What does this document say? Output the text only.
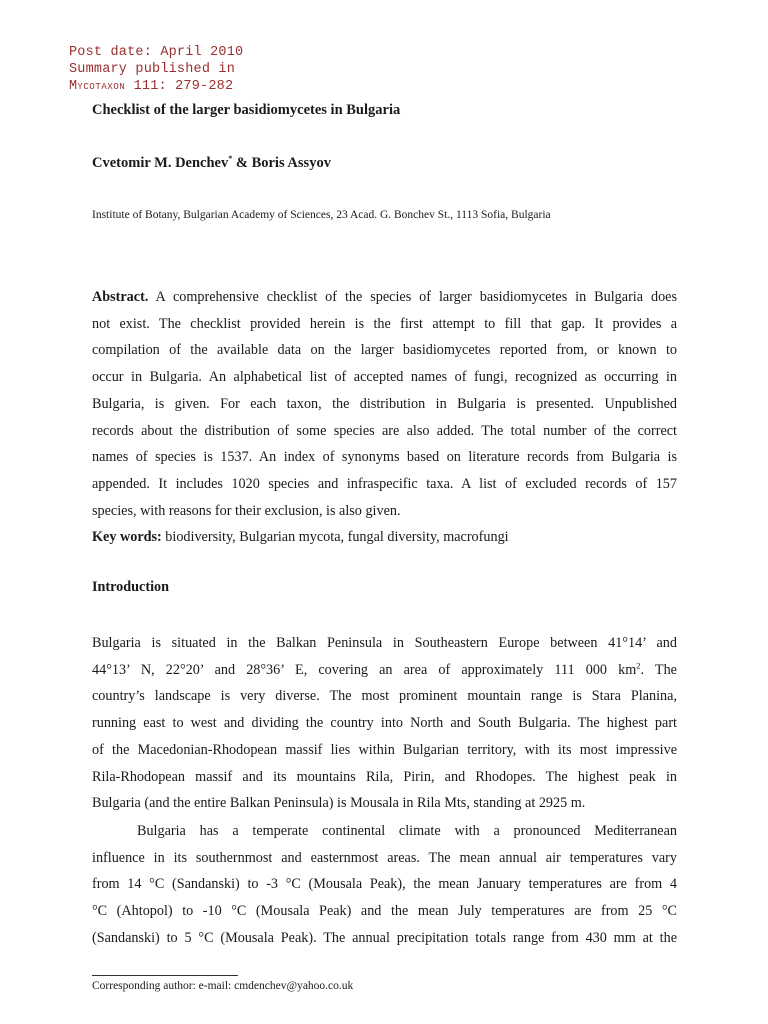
Post date: April 2010
Summary published in
MYCOTAXON 111: 279-282
Checklist of the larger basidiomycetes in Bulgaria
Cvetomir M. Denchev* & Boris Assyov
Institute of Botany, Bulgarian Academy of Sciences, 23 Acad. G. Bonchev St., 1113 Sofia, Bulgaria
Abstract. A comprehensive checklist of the species of larger basidiomycetes in Bulgaria does
not exist. The checklist provided herein is the first attempt to fill that gap. It provides a
compilation of the available data on the larger basidiomycetes reported from, or known to
occur in Bulgaria. An alphabetical list of accepted names of fungi, recognized as occurring in
Bulgaria, is given. For each taxon, the distribution in Bulgaria is presented. Unpublished
records about the distribution of some species are also added. The total number of the correct
names of species is 1537. An index of synonyms based on literature records from Bulgaria is
appended. It includes 1020 species and infraspecific taxa. A list of excluded records of 157
species, with reasons for their exclusion, is also given.
Key words: biodiversity, Bulgarian mycota, fungal diversity, macrofungi
Introduction
Bulgaria is situated in the Balkan Peninsula in Southeastern Europe between 41°14’ and
44°13’ N, 22°20’ and 28°36’ E, covering an area of approximately 111 000 $km^2$. The
country’s landscape is very diverse. The most prominent mountain range is Stara Planina,
running east to west and dividing the country into North and South Bulgaria. The highest part
of the Macedonian-Rhodopean massif lies within Bulgarian territory, with its most impressive
Rila-Rhodopean massif and its mountains Rila, Pirin, and Rhodopes. The highest peak in
Bulgaria (and the entire Balkan Peninsula) is Mousala in Rila Mts, standing at 2925 m.
Bulgaria has a temperate continental climate with a pronounced Mediterranean
influence in its southernmost and easternmost areas. The mean annual air temperatures vary
from 14 °C (Sandanski) to -3 °C (Mousala Peak), the mean January temperatures are from 4
°C (Ahtopol) to -10 °C (Mousala Peak) and the mean July temperatures are from 25 °C
(Sandanski) to 5 °C (Mousala Peak). The annual precipitation totals range from 430 mm at the
Corresponding author: e-mail: cmdenchev@yahoo.co.uk
